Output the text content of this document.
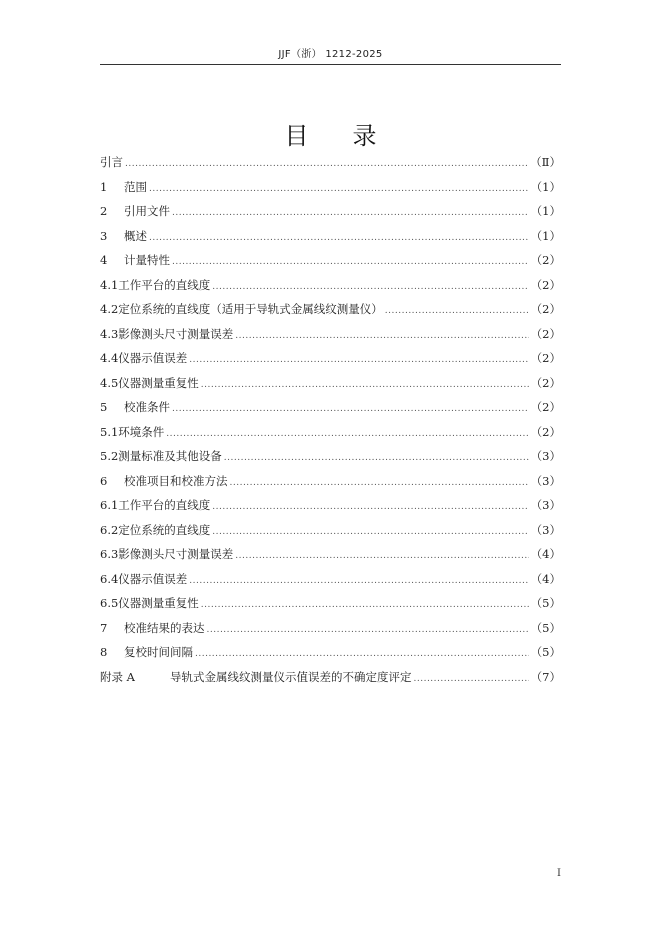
JJF（浙） 1212-2025
目录
引言 .....	（Ⅱ）
1	范围 .....	（1）
2	引用文件 .....	（1）
3	概述 .....	（1）
4	计量特性 .....	（2）
4.1 工作平台的直线度 .....	（2）
4.2 定位系统的直线度（适用于导轨式金属线纹测量仪） .....	（2）
4.3 影像测头尺寸测量误差 .....	（2）
4.4 仪器示值误差 .....	（2）
4.5 仪器测量重复性 .....	（2）
5	校准条件 .....	（2）
5.1 环境条件 .....	（2）
5.2 测量标准及其他设备 .....	（3）
6	校准项目和校准方法 .....	（3）
6.1 工作平台的直线度 .....	（3）
6.2 定位系统的直线度 .....	（3）
6.3 影像测头尺寸测量误差 .....	（4）
6.4 仪器示值误差 .....	（4）
6.5 仪器测量重复性 .....	（5）
7	校准结果的表达 .....	（5）
8	复校时间间隔 .....	（5）
附录 A	导轨式金属线纹测量仪示值误差的不确定度评定 .....	（7）
I
